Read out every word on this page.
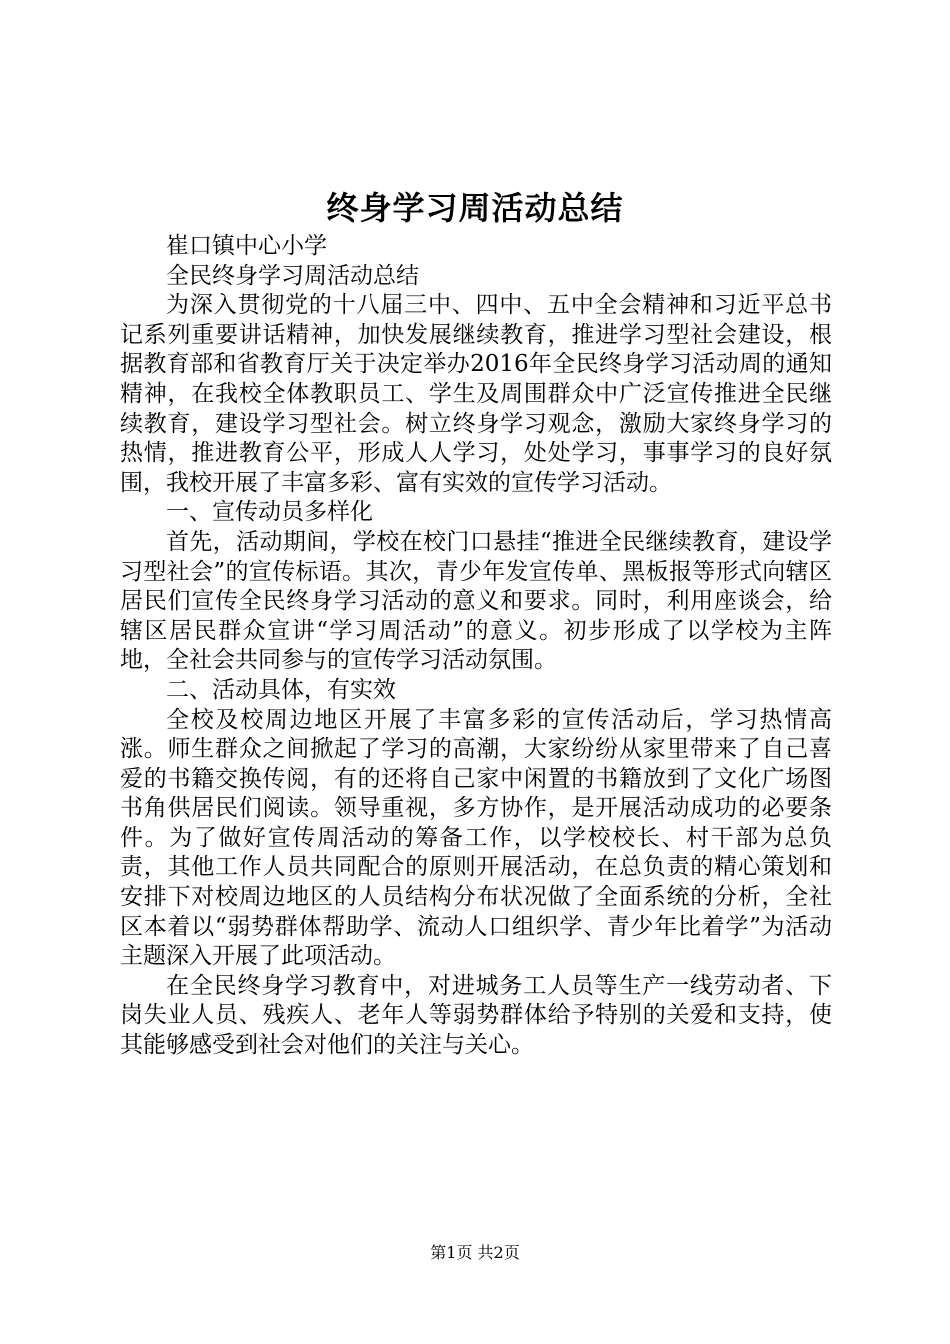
终身学习周活动总结

崔口镇中心小学

全民终身学习周活动总结

为深入贯彻党的十八届三中、四中、五中全会精神和习近平总书记系列重要讲话精神，加快发展继续教育，推进学习型社会建设，根据教育部和省教育厅关于决定举办2016年全民终身学习活动周的通知精神，在我校全体教职员工、学生及周围群众中广泛宣传推进全民继续教育，建设学习型社会。树立终身学习观念，激励大家终身学习的热情，推进教育公平，形成人人学习，处处学习，事事学习的良好氛围，我校开展了丰富多彩、富有实效的宣传学习活动。

一、宣传动员多样化

首先，活动期间，学校在校门口悬挂“推进全民继续教育，建设学习型社会”的宣传标语。其次，青少年发宣传单、黑板报等形式向辖区居民们宣传全民终身学习活动的意义和要求。同时，利用座谈会，给辖区居民群众宣讲“学习周活动”的意义。初步形成了以学校为主阵地，全社会共同参与的宣传学习活动氛围。

二、活动具体，有实效

全校及校周边地区开展了丰富多彩的宣传活动后，学习热情高涨。师生群众之间掀起了学习的高潮，大家纷纷从家里带来了自己喜爱的书籍交换传阅，有的还将自己家中闲置的书籍放到了文化广场图书角供居民们阅读。领导重视，多方协作，是开展活动成功的必要条件。为了做好宣传周活动的筹备工作，以学校校长、村干部为总负责，其他工作人员共同配合的原则开展活动，在总负责的精心策划和安排下对校周边地区的人员结构分布状况做了全面系统的分析，全社区本着以“弱势群体帮助学、流动人口组织学、青少年比着学”为活动主题深入开展了此项活动。

在全民终身学习教育中，对进城务工人员等生产一线劳动者、下岗失业人员、残疾人、老年人等弱势群体给予特别的关爱和支持，使其能够感受到社会对他们的关注与关心。

第1页 共2页
